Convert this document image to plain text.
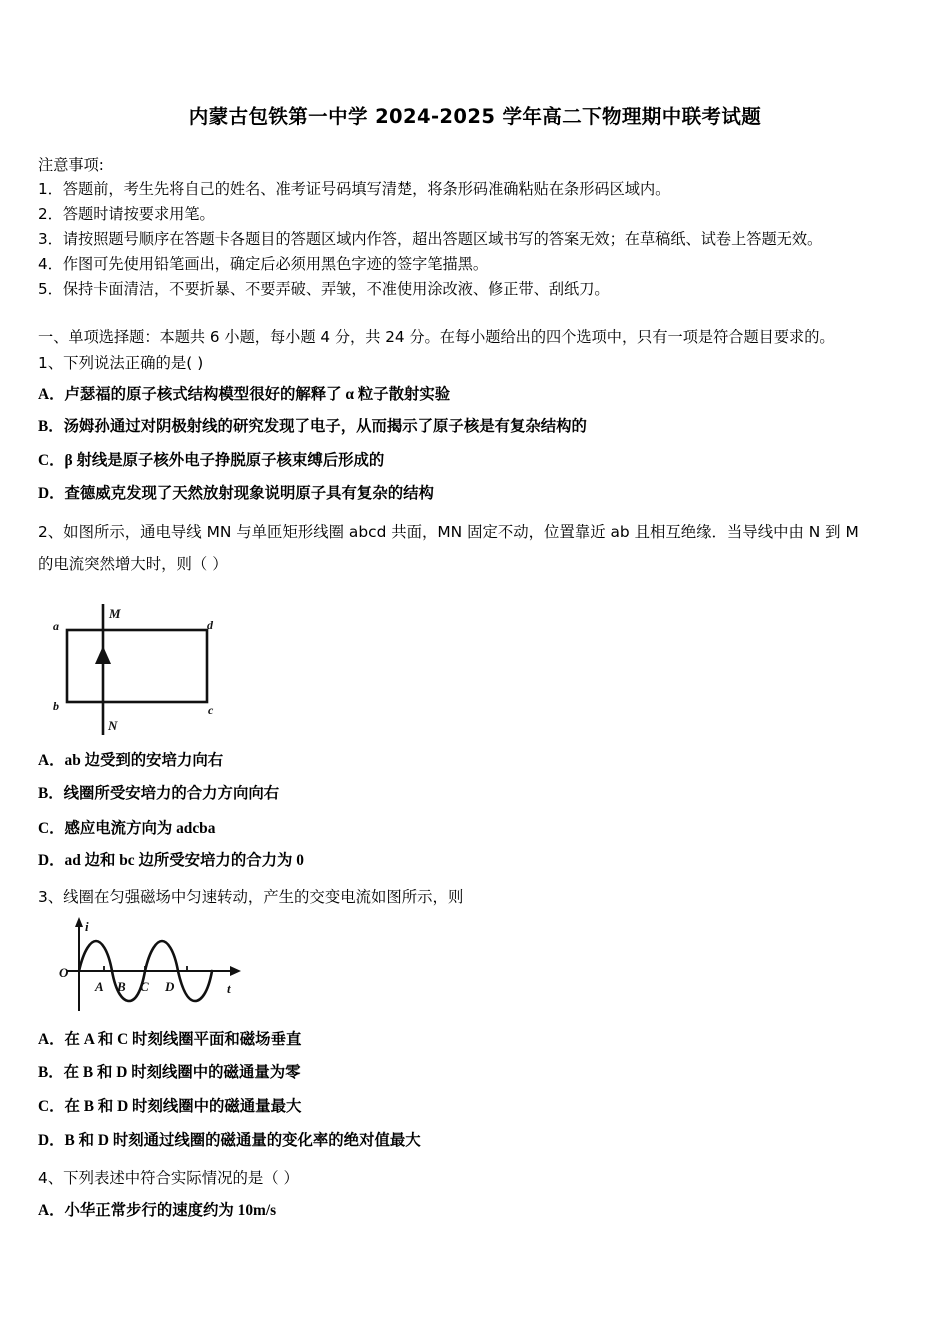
内蒙古包铁第一中学 2024-2025 学年高二下物理期中联考试题
注意事项:
1．答题前，考生先将自己的姓名、准考证号码填写清楚，将条形码准确粘贴在条形码区域内。
2．答题时请按要求用笔。
3．请按照题号顺序在答题卡各题目的答题区域内作答，超出答题区域书写的答案无效；在草稿纸、试卷上答题无效。
4．作图可先使用铅笔画出，确定后必须用黑色字迹的签字笔描黑。
5．保持卡面清洁，不要折暴、不要弄破、弄皱，不准使用涂改液、修正带、刮纸刀。
一、单项选择题：本题共 6 小题，每小题 4 分，共 24 分。在每小题给出的四个选项中，只有一项是符合题目要求的。
1、下列说法正确的是( )
A．卢瑟福的原子核式结构模型很好的解释了 α 粒子散射实验
B．汤姆孙通过对阴极射线的研究发现了电子，从而揭示了原子核是有复杂结构的
C．β 射线是原子核外电子挣脱原子核束缚后形成的
D．查德威克发现了天然放射现象说明原子具有复杂的结构
2、如图所示，通电导线 MN 与单匝矩形线圈 abcd 共面，MN 固定不动，位置靠近 ab 且相互绝缘．当导线中由 N 到 M
的电流突然增大时，则（ ）
M
N
a	d
b	c
A．ab 边受到的安培力向右
B．线圈所受安培力的合力方向向右
C．感应电流方向为 adcba
D．ad 边和 bc 边所受安培力的合力为 0
3、线圈在匀强磁场中匀速转动，产生的交变电流如图所示，则
i
t
O
A B C D
A．在 A 和 C 时刻线圈平面和磁场垂直
B．在 B 和 D 时刻线圈中的磁通量为零
C．在 B 和 D 时刻线圈中的磁通量最大
D．B 和 D 时刻通过线圈的磁通量的变化率的绝对值最大
4、下列表述中符合实际情况的是（ ）
A．小华正常步行的速度约为 10m/s
